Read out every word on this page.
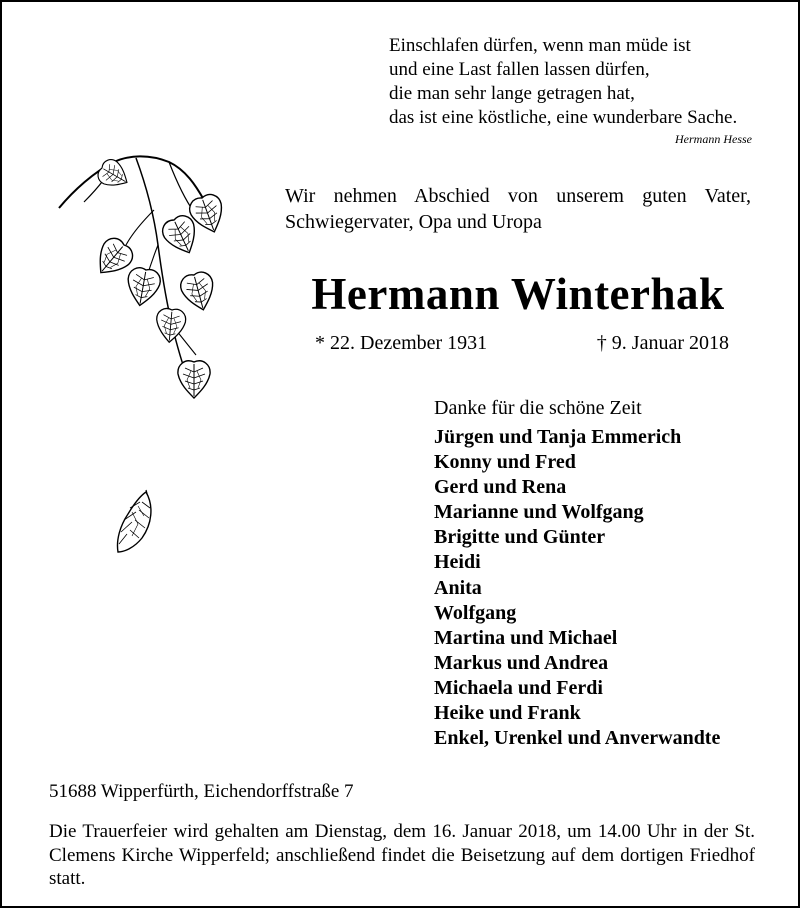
Einschlafen dürfen, wenn man müde ist
und eine Last fallen lassen dürfen,
die man sehr lange getragen hat,
das ist eine köstliche, eine wunderbare Sache.
Hermann Hesse

Wir nehmen Abschied von unserem guten Vater, Schwiegervater, Opa und Uropa

Hermann Winterhak
* 22. Dezember 1931	† 9. Januar 2018

Danke für die schöne Zeit

Jürgen und Tanja Emmerich
Konny und Fred
Gerd und Rena
Marianne und Wolfgang
Brigitte und Günter
Heidi
Anita
Wolfgang
Martina und Michael
Markus und Andrea
Michaela und Ferdi
Heike und Frank
Enkel, Urenkel und Anverwandte

51688 Wipperfürth, Eichendorffstraße 7

Die Trauerfeier wird gehalten am Dienstag, dem 16. Januar 2018, um 14.00 Uhr in der St. Clemens Kirche Wipperfeld; anschließend findet die Beisetzung auf dem dortigen Friedhof statt.
